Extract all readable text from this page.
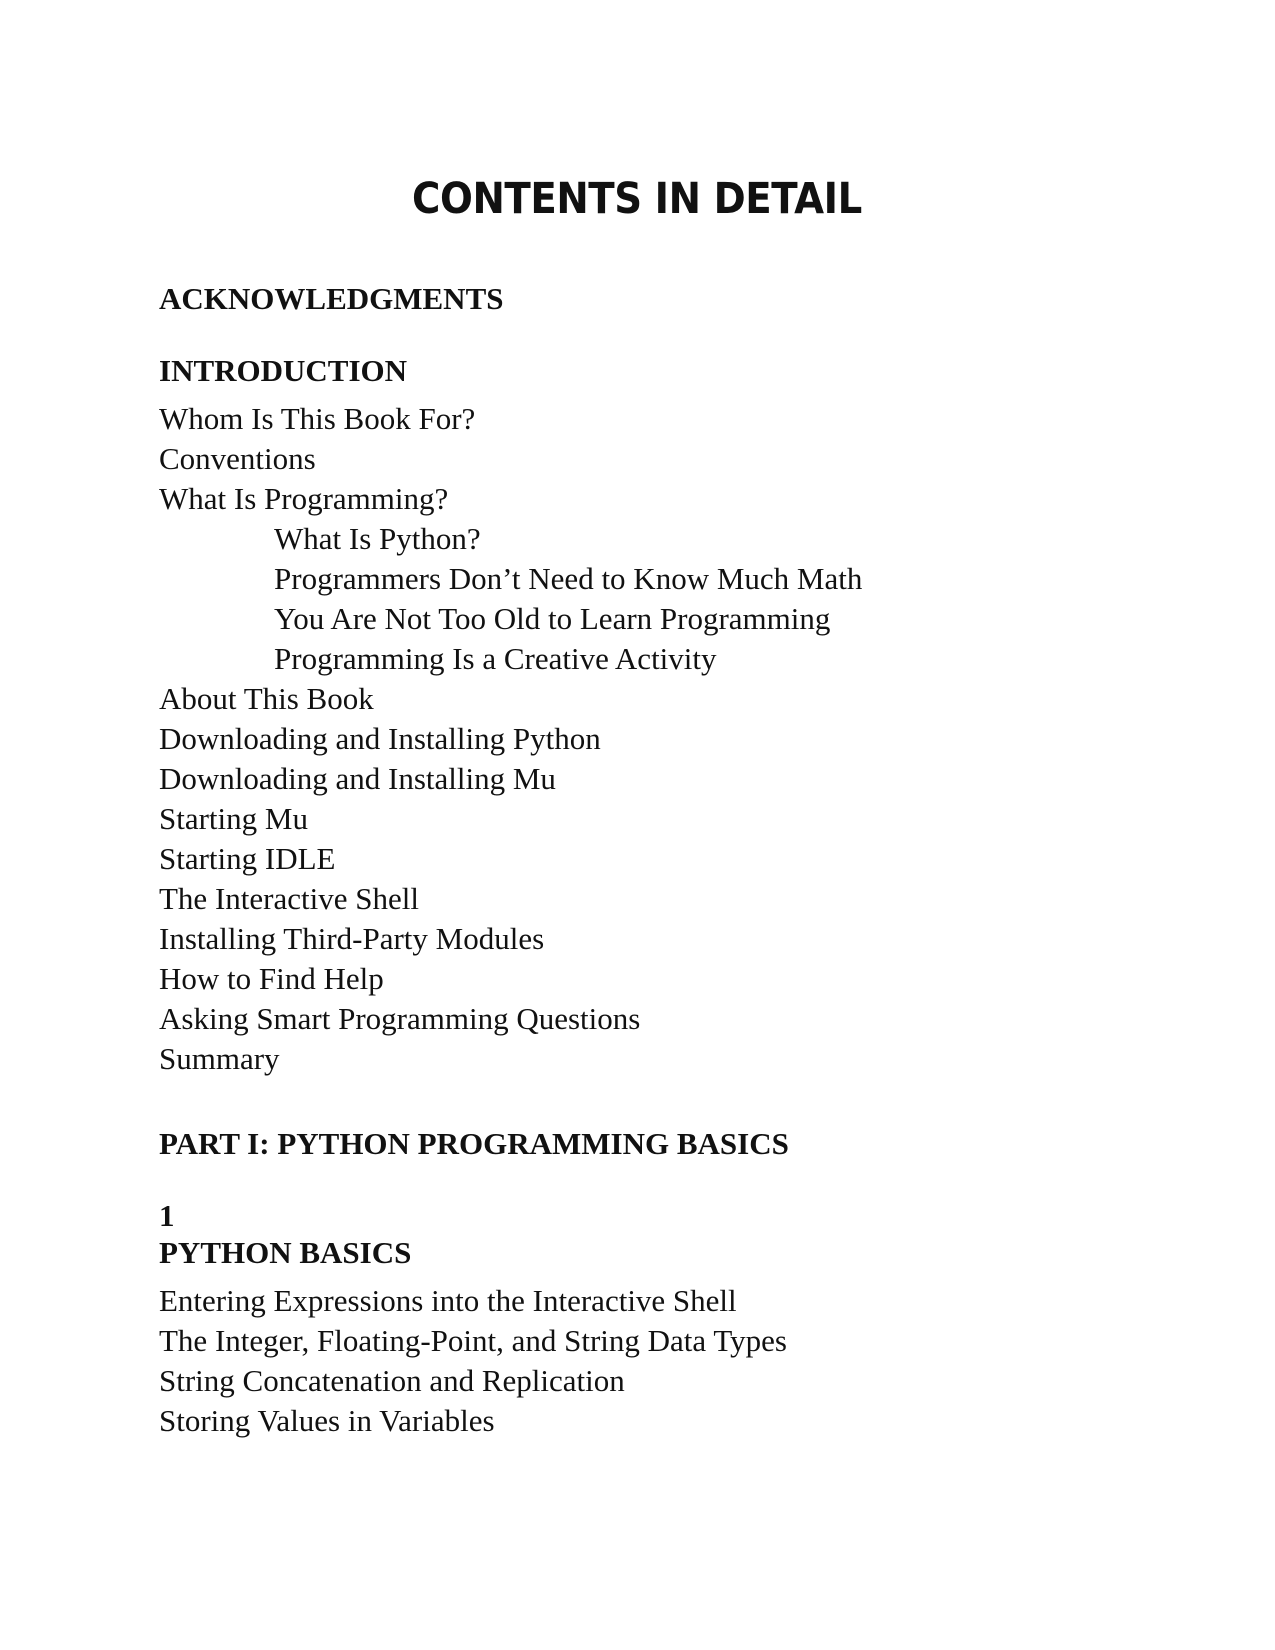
CONTENTS IN DETAIL
ACKNOWLEDGMENTS
INTRODUCTION
Whom Is This Book For?
Conventions
What Is Programming?
What Is Python?
Programmers Don’t Need to Know Much Math
You Are Not Too Old to Learn Programming
Programming Is a Creative Activity
About This Book
Downloading and Installing Python
Downloading and Installing Mu
Starting Mu
Starting IDLE
The Interactive Shell
Installing Third-Party Modules
How to Find Help
Asking Smart Programming Questions
Summary
PART I: PYTHON PROGRAMMING BASICS
1
PYTHON BASICS
Entering Expressions into the Interactive Shell
The Integer, Floating-Point, and String Data Types
String Concatenation and Replication
Storing Values in Variables
